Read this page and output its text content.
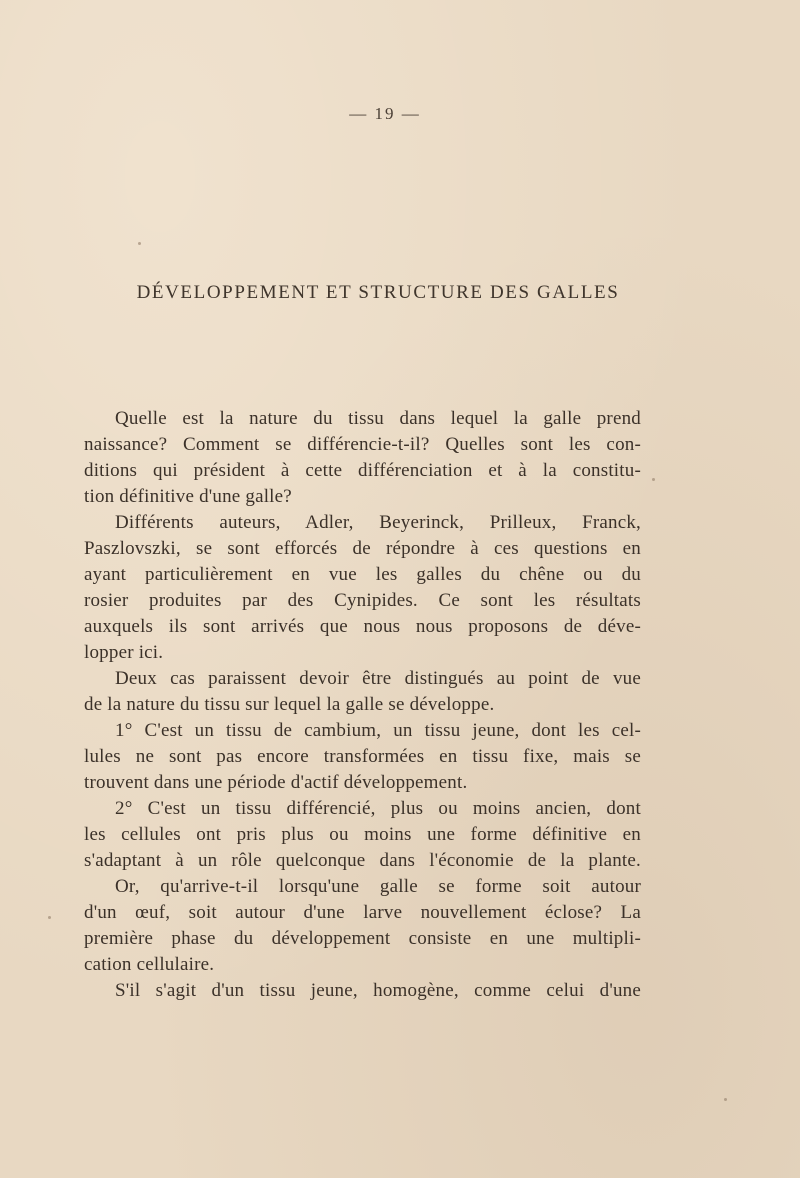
— 19 —
DÉVELOPPEMENT ET STRUCTURE DES GALLES
Quelle est la nature du tissu dans lequel la galle prend
naissance? Comment se différencie-t-il? Quelles sont les con-
ditions qui président à cette différenciation et à la constitu-
tion définitive d'une galle?
Différents auteurs, Adler, Beyerinck, Prilleux, Franck,
Paszlovszki, se sont efforcés de répondre à ces questions en
ayant particulièrement en vue les galles du chêne ou du
rosier produites par des Cynipides. Ce sont les résultats
auxquels ils sont arrivés que nous nous proposons de déve-
lopper ici.
Deux cas paraissent devoir être distingués au point de vue
de la nature du tissu sur lequel la galle se développe.
1° C'est un tissu de cambium, un tissu jeune, dont les cel-
lules ne sont pas encore transformées en tissu fixe, mais se
trouvent dans une période d'actif développement.
2° C'est un tissu différencié, plus ou moins ancien, dont
les cellules ont pris plus ou moins une forme définitive en
s'adaptant à un rôle quelconque dans l'économie de la plante.
Or, qu'arrive-t-il lorsqu'une galle se forme soit autour
d'un œuf, soit autour d'une larve nouvellement éclose? La
première phase du développement consiste en une multipli-
cation cellulaire.
S'il s'agit d'un tissu jeune, homogène, comme celui d'une
